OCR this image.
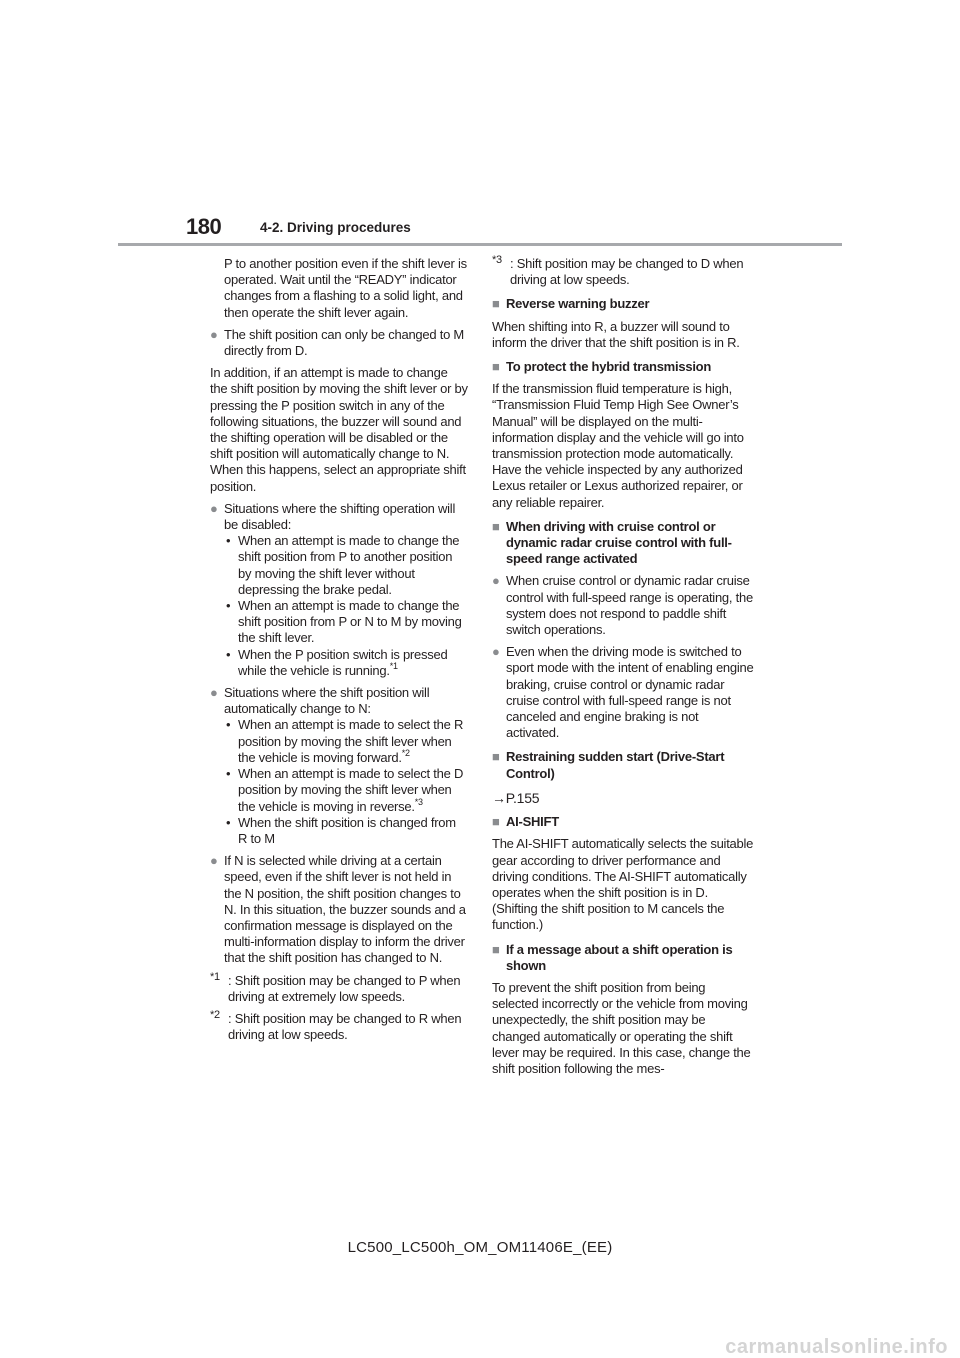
180	4-2. Driving procedures

P to another position even if the shift lever is operated. Wait until the “READY” indicator changes from a flashing to a solid light, and then operate the shift lever again.

● The shift position can only be changed to M directly from D.

In addition, if an attempt is made to change the shift position by moving the shift lever or by pressing the P position switch in any of the following situations, the buzzer will sound and the shifting operation will be disabled or the shift position will automatically change to N. When this happens, select an appropriate shift position.

● Situations where the shifting operation will be disabled:
• When an attempt is made to change the shift position from P to another position by moving the shift lever without depressing the brake pedal.
• When an attempt is made to change the shift position from P or N to M by moving the shift lever.
• When the P position switch is pressed while the vehicle is running.$^{*1}$
● Situations where the shift position will automatically change to N:
• When an attempt is made to select the R position by moving the shift lever when the vehicle is moving forward.$^{*2}$
• When an attempt is made to select the D position by moving the shift lever when the vehicle is moving in reverse.$^{*3}$
• When the shift position is changed from R to M
● If N is selected while driving at a certain speed, even if the shift lever is not held in the N position, the shift position changes to N. In this situation, the buzzer sounds and a confirmation message is displayed on the multi-information display to inform the driver that the shift position has changed to N.
*1 : Shift position may be changed to P when driving at extremely low speeds.
*2 : Shift position may be changed to R when driving at low speeds.
*3 : Shift position may be changed to D when driving at low speeds.
■ Reverse warning buzzer

When shifting into R, a buzzer will sound to inform the driver that the shift position is in R.

■ To protect the hybrid transmission

If the transmission fluid temperature is high, “Transmission Fluid Temp High See Owner’s Manual” will be displayed on the multi-information display and the vehicle will go into transmission protection mode automatically. Have the vehicle inspected by any authorized Lexus retailer or Lexus authorized repairer, or any reliable repairer.

■ When driving with cruise control or dynamic radar cruise control with full-speed range activated
● When cruise control or dynamic radar cruise control with full-speed range is operating, the system does not respond to paddle shift switch operations.
● Even when the driving mode is switched to sport mode with the intent of enabling engine braking, cruise control or dynamic radar cruise control with full-speed range is not canceled and engine braking is not activated.
■ Restraining sudden start (Drive-Start Control)

→P.155

■ AI-SHIFT

The AI-SHIFT automatically selects the suitable gear according to driver performance and driving conditions. The AI-SHIFT automatically operates when the shift position is in D. (Shifting the shift position to M cancels the function.)

■ If a message about a shift operation is shown

To prevent the shift position from being selected incorrectly or the vehicle from moving unexpectedly, the shift position may be changed automatically or operating the shift lever may be required. In this case, change the shift position following the mes-

LC500_LC500h_OM_OM11406E_(EE)
carmanualsonline.info
